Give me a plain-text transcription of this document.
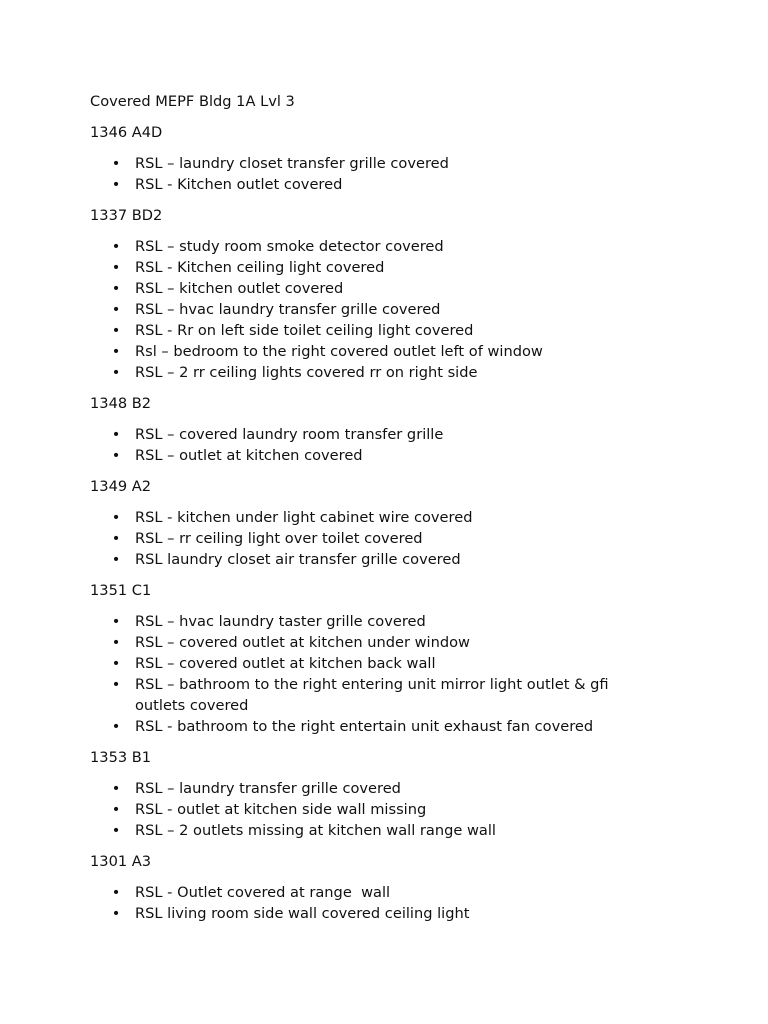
Covered MEPF Bldg 1A Lvl 3
1346 A4D
• RSL – laundry closet transfer grille covered
• RSL - Kitchen outlet covered
1337 BD2
• RSL – study room smoke detector covered
• RSL - Kitchen ceiling light covered
• RSL – kitchen outlet covered
• RSL – hvac laundry transfer grille covered
• RSL - Rr on left side toilet ceiling light covered
• Rsl – bedroom to the right covered outlet left of window
• RSL – 2 rr ceiling lights covered rr on right side
1348 B2
• RSL – covered laundry room transfer grille
• RSL – outlet at kitchen covered
1349 A2
• RSL - kitchen under light cabinet wire covered
• RSL – rr ceiling light over toilet covered
• RSL laundry closet air transfer grille covered
1351 C1
• RSL – hvac laundry taster grille covered
• RSL – covered outlet at kitchen under window
• RSL – covered outlet at kitchen back wall
• RSL – bathroom to the right entering unit mirror light outlet & gfi outlets covered
• RSL - bathroom to the right entertain unit exhaust fan covered
1353 B1
• RSL – laundry transfer grille covered
• RSL - outlet at kitchen side wall missing
• RSL – 2 outlets missing at kitchen wall range wall
1301 A3
• RSL - Outlet covered at range  wall
• RSL living room side wall covered ceiling light
